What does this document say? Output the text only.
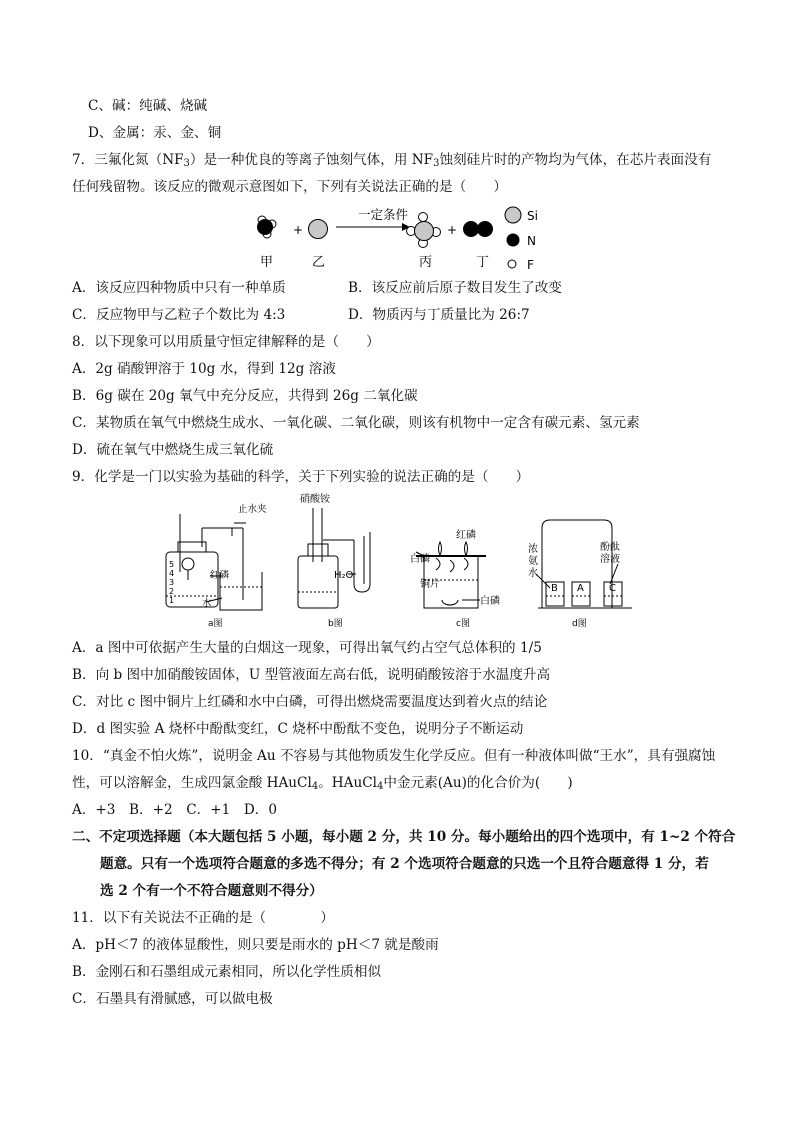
C、碱：纯碱、烧碱

D、金属：汞、金、铜

7．三氟化氮$(NF_3)$是一种优良的等离子蚀刻气体，用 $NF_3$蚀刻硅片时的产物均为气体，在芯片表面没有

任何残留物。该反应的微观示意图如下，下列有关说法正确的是（　　）

+
一定条件
+
甲	乙	丙	丁
Si
N
F

A．该反应四种物质中只有一种单质	B．该反应前后原子数目发生了改变

C．反应物甲与乙粒子个数比为 4:3	D．物质丙与丁质量比为 26:7

8．以下现象可以用质量守恒定律解释的是（　　）

A．2g 硝酸钾溶于 10g 水，得到 12g 溶液

B．6g 碳在 20g 氧气中充分反应，共得到 26g 二氧化碳

C．某物质在氧气中燃烧生成水、一氧化碳、二氧化碳，则该有机物中一定含有碳元素、氢元素

D．硫在氧气中燃烧生成三氧化硫

9．化学是一门以实验为基础的科学，关于下列实验的说法正确的是（　　）

止水夹
红磷
水
5
4
3
2
1
a图
硝酸铵
H₂O
b图
红磷
白磷
铜片
白磷
c图
浓
氨
水
酚酞
溶液
B A	C
d图

A．a 图中可依据产生大量的白烟这一现象，可得出氧气约占空气总体积的 1/5

B．向 b 图中加硝酸铵固体，U 型管液面左高右低，说明硝酸铵溶于水温度升高

C．对比 c 图中铜片上红磷和水中白磷，可得出燃烧需要温度达到着火点的结论

D．d 图实验 A 烧杯中酚酞变红，C 烧杯中酚酞不变色，说明分子不断运动

10．“真金不怕火炼”，说明金 Au 不容易与其他物质发生化学反应。但有一种液体叫做“王水”，具有强腐蚀

性，可以溶解金，生成四氯金酸 HAuCl$_4$。HAuCl$_4$中金元素(Au)的化合价为(　　)

A．+3　B．+2　C．+1　D．0

二、不定项选择题（本大题包括 5 小题，每小题 2 分，共 10 分。每小题给出的四个选项中，有 1~2 个符合

题意。只有一个选项符合题意的多选不得分；有 2 个选项符合题意的只选一个且符合题意得 1 分，若

选 2 个有一个不符合题意则不得分）

11．以下有关说法不正确的是（　　　　）

A．pH＜7 的液体显酸性，则只要是雨水的 pH＜7 就是酸雨

B．金刚石和石墨组成元素相同，所以化学性质相似

C．石墨具有滑腻感，可以做电极
